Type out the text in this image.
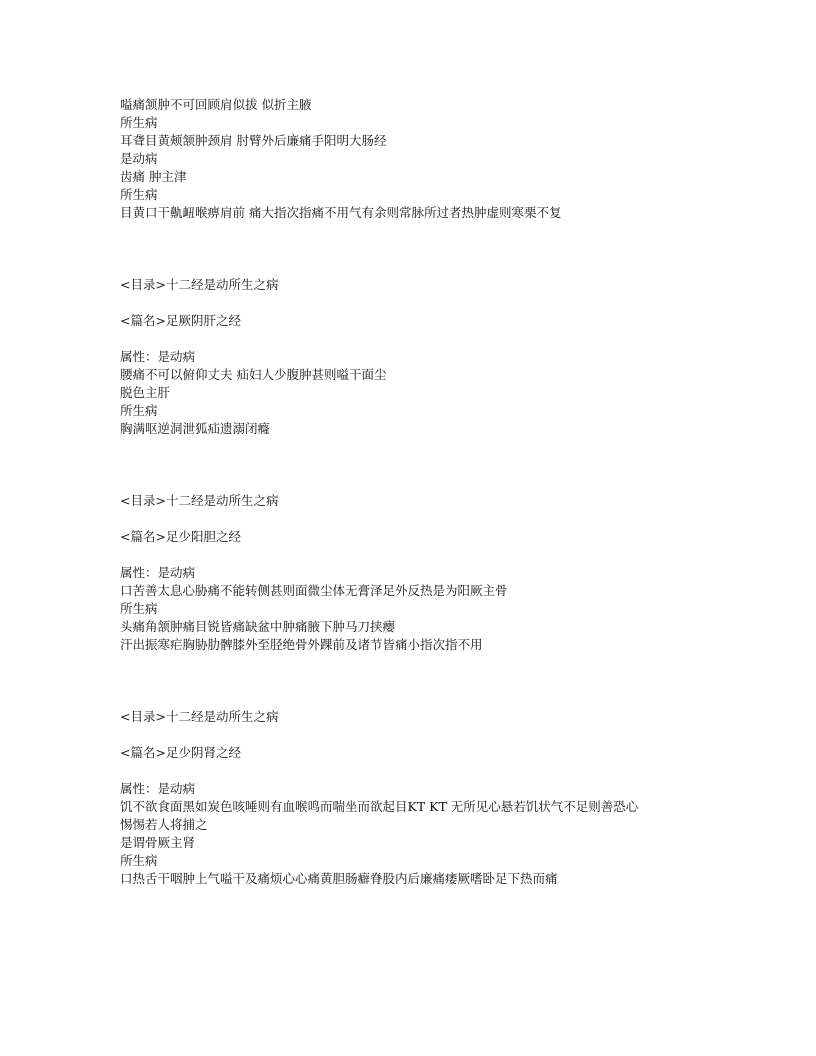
嗌痛颔肿不可回顾肩似拔 似折主腋
所生病
耳聋目黄颊颔肿颈肩 肘臂外后廉痛手阳明大肠经
是动病
齿痛 肿主津
所生病
目黄口干鼽衄喉痹肩前 痛大指次指痛不用气有余则常脉所过者热肿虚则寒栗不复
<目录>十二经是动所生之病
<篇名>足厥阴肝之经
属性：是动病
腰痛不可以俯仰丈夫 疝妇人少腹肿甚则嗌干面尘
脱色主肝
所生病
胸满呕逆洞泄狐疝遗溺闭癃
<目录>十二经是动所生之病
<篇名>足少阳胆之经
属性：是动病
口苦善太息心胁痛不能转侧甚则面微尘体无膏泽足外反热是为阳厥主骨
所生病
头痛角颔肿痛目锐皆痛缺盆中肿痛腋下肿马刀挟瘿
汗出振寒疟胸胁肋髀膝外至胫绝骨外踝前及诸节皆痛小指次指不用
<目录>十二经是动所生之病
<篇名>足少阴肾之经
属性：是动病
饥不欲食面黑如炭色咳唾则有血喉鸣而喘坐而欲起目KT KT 无所见心悬若饥状气不足则善恐心
惕惕若人将捕之
是谓骨厥主肾
所生病
口热舌干咽肿上气嗌干及痛烦心心痛黄胆肠癖脊股内后廉痛痿厥嗜卧足下热而痛
